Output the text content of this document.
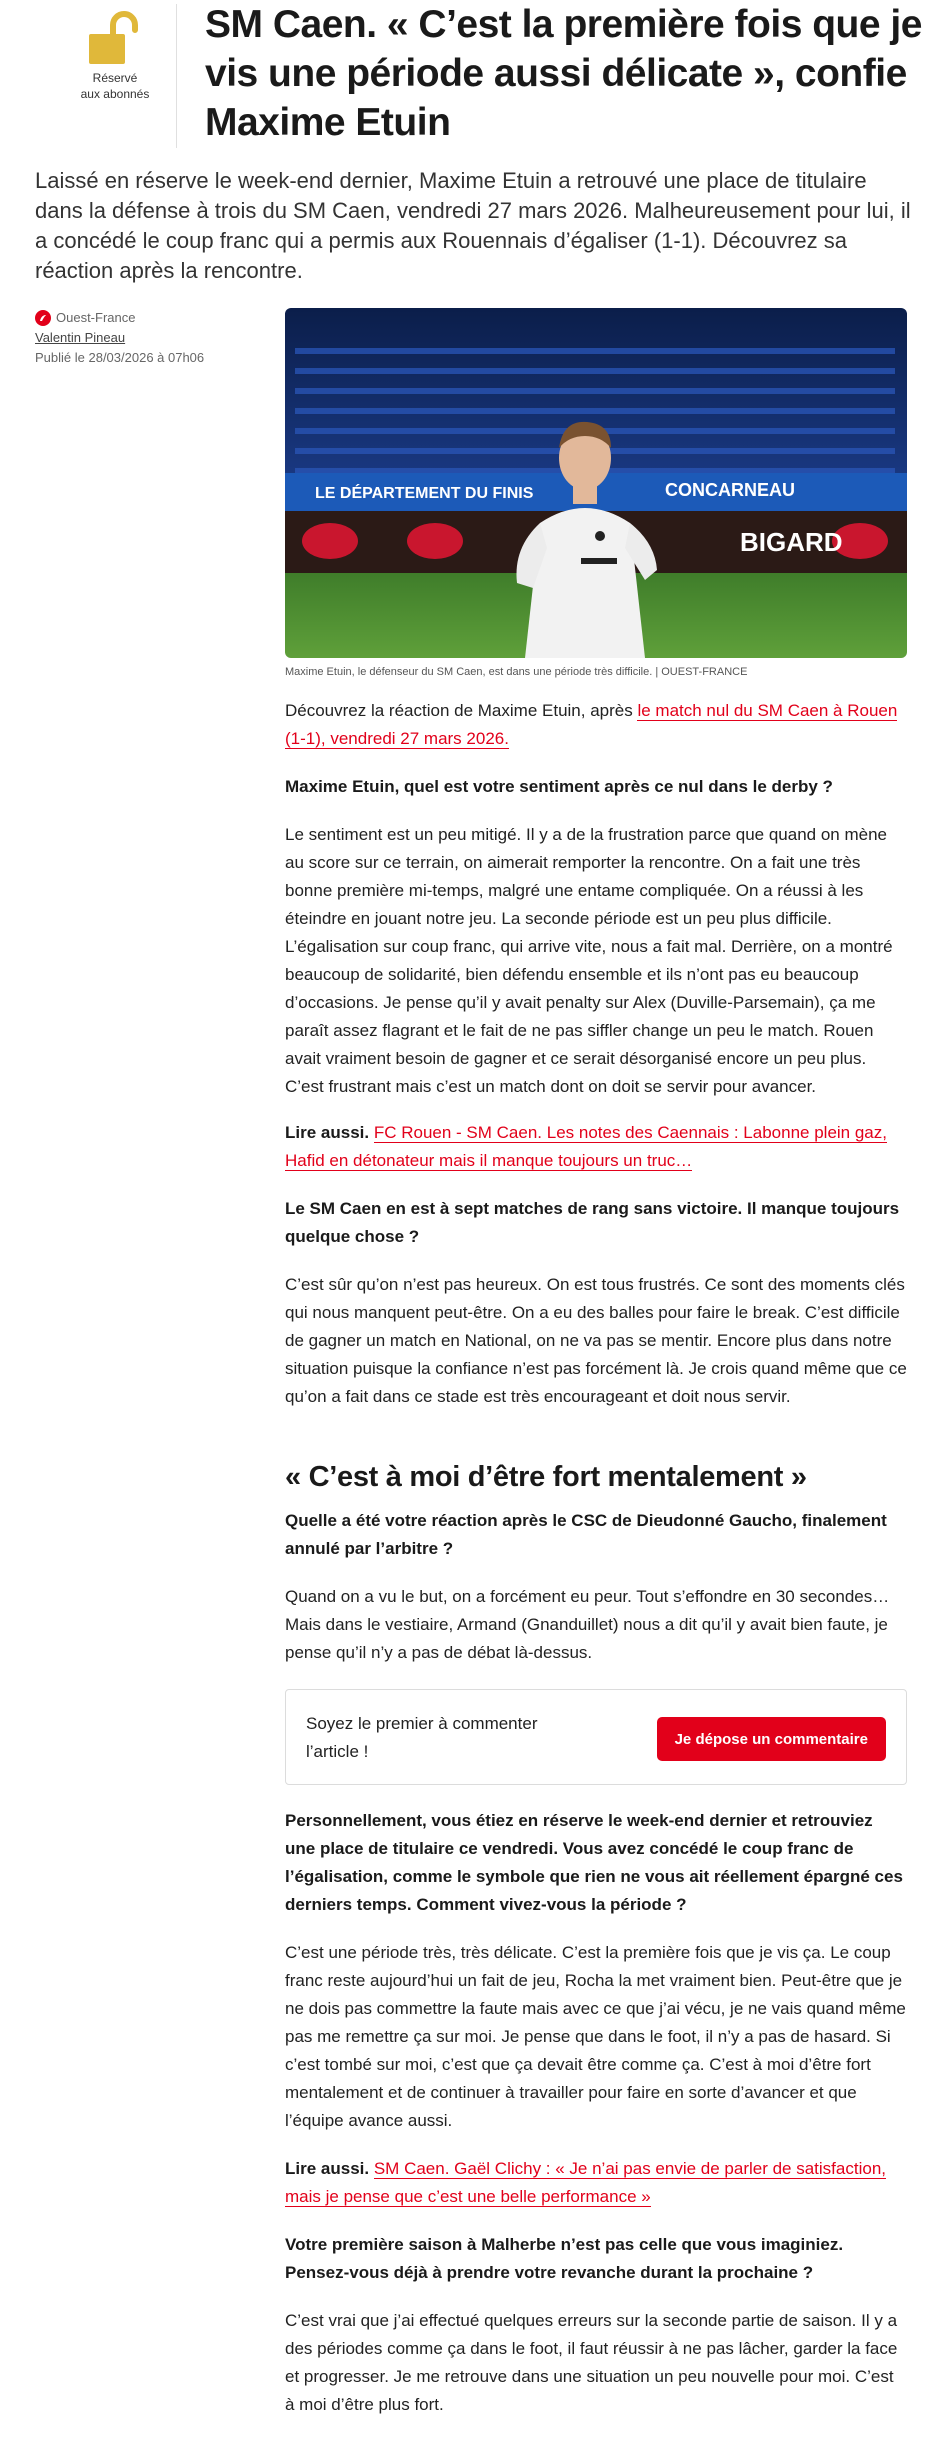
Réservé
aux abonnés
SM Caen. « C’est la première fois que je vis une période aussi délicate », confie Maxime Etuin

Laissé en réserve le week-end dernier, Maxime Etuin a retrouvé une place de titulaire dans la défense à trois du SM Caen, vendredi 27 mars 2026. Malheureusement pour lui, il a concédé le coup franc qui a permis aux Rouennais d’égaliser (1-1). Découvrez sa réaction après la rencontre.

Ouest-France
Valentin Pineau
Publié le 28/03/2026 à 07h06
LE DÉPARTEMENT DU FINIS	CONCARNEAU
BIGARD
Maxime Etuin, le défenseur du SM Caen, est dans une période très difficile. | OUEST-FRANCE

Découvrez la réaction de Maxime Etuin, après le match nul du SM Caen à Rouen (1-1), vendredi 27 mars 2026.

Maxime Etuin, quel est votre sentiment après ce nul dans le derby ?

Le sentiment est un peu mitigé. Il y a de la frustration parce que quand on mène au score sur ce terrain, on aimerait remporter la rencontre. On a fait une très bonne première mi-temps, malgré une entame compliquée. On a réussi à les éteindre en jouant notre jeu. La seconde période est un peu plus difficile. L’égalisation sur coup franc, qui arrive vite, nous a fait mal. Derrière, on a montré beaucoup de solidarité, bien défendu ensemble et ils n’ont pas eu beaucoup d’occasions. Je pense qu’il y avait penalty sur Alex (Duville-Parsemain), ça me paraît assez flagrant et le fait de ne pas siffler change un peu le match. Rouen avait vraiment besoin de gagner et ce serait désorganisé encore un peu plus. C’est frustrant mais c’est un match dont on doit se servir pour avancer.

Lire aussi. FC Rouen - SM Caen. Les notes des Caennais : Labonne plein gaz, Hafid en détonateur mais il manque toujours un truc…

Le SM Caen en est à sept matches de rang sans victoire. Il manque toujours quelque chose ?

C’est sûr qu’on n’est pas heureux. On est tous frustrés. Ce sont des moments clés qui nous manquent peut-être. On a eu des balles pour faire le break. C’est difficile de gagner un match en National, on ne va pas se mentir. Encore plus dans notre situation puisque la confiance n’est pas forcément là. Je crois quand même que ce qu’on a fait dans ce stade est très encourageant et doit nous servir.

« C’est à moi d’être fort mentalement »

Quelle a été votre réaction après le CSC de Dieudonné Gaucho, finalement annulé par l’arbitre ?

Quand on a vu le but, on a forcément eu peur. Tout s’effondre en 30 secondes… Mais dans le vestiaire, Armand (Gnanduillet) nous a dit qu’il y avait bien faute, je pense qu’il n’y a pas de débat là-dessus.

Soyez le premier à commenter l’article !
Je dépose un commentaire

Personnellement, vous étiez en réserve le week-end dernier et retrouviez une place de titulaire ce vendredi. Vous avez concédé le coup franc de l’égalisation, comme le symbole que rien ne vous ait réellement épargné ces derniers temps. Comment vivez-vous la période ?

C’est une période très, très délicate. C’est la première fois que je vis ça. Le coup franc reste aujourd’hui un fait de jeu, Rocha la met vraiment bien. Peut-être que je ne dois pas commettre la faute mais avec ce que j’ai vécu, je ne vais quand même pas me remettre ça sur moi. Je pense que dans le foot, il n’y a pas de hasard. Si c’est tombé sur moi, c’est que ça devait être comme ça. C’est à moi d’être fort mentalement et de continuer à travailler pour faire en sorte d’avancer et que l’équipe avance aussi.

Lire aussi. SM Caen. Gaël Clichy : « Je n’ai pas envie de parler de satisfaction, mais je pense que c’est une belle performance »

Votre première saison à Malherbe n’est pas celle que vous imaginiez. Pensez-vous déjà à prendre votre revanche durant la prochaine ?

C’est vrai que j’ai effectué quelques erreurs sur la seconde partie de saison. Il y a des périodes comme ça dans le foot, il faut réussir à ne pas lâcher, garder la face et progresser. Je me retrouve dans une situation un peu nouvelle pour moi. C’est à moi d’être plus fort.
